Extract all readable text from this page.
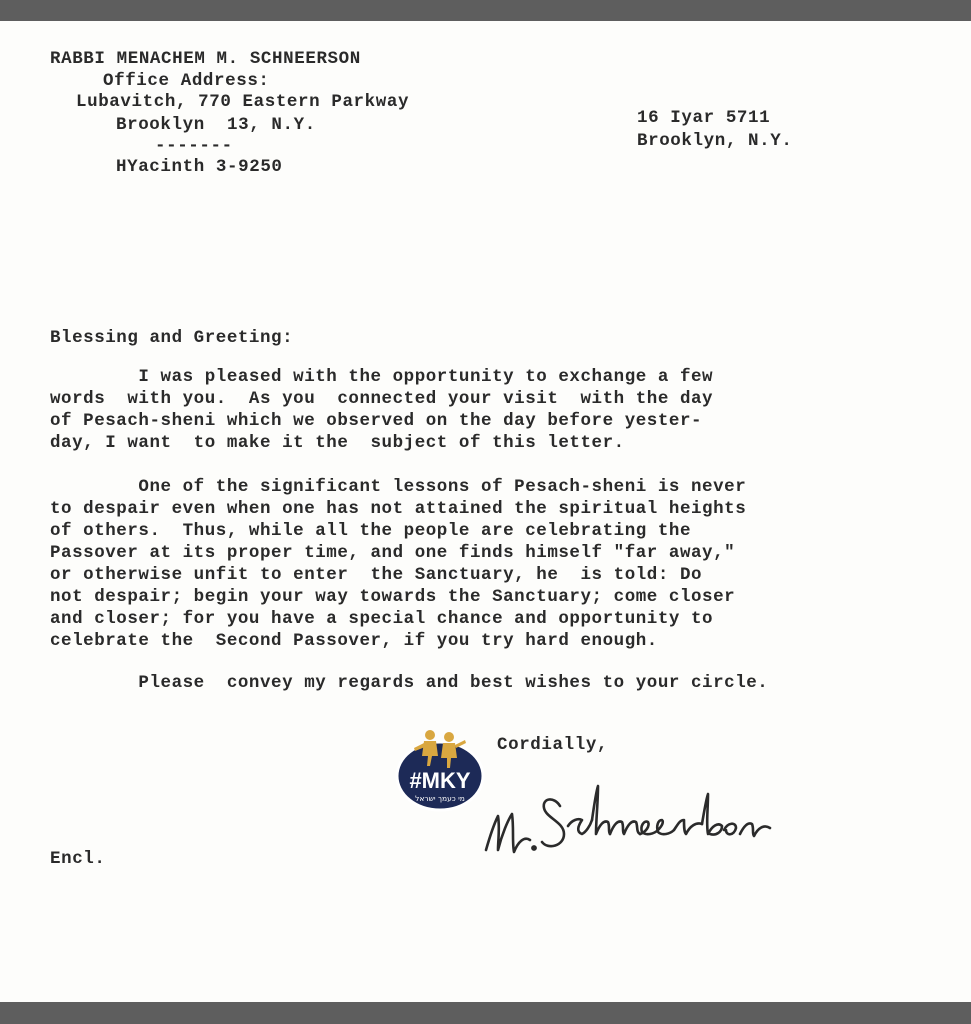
RABBI MENACHEM M. SCHNEERSON
Office Address:
Lubavitch, 770 Eastern Parkway
Brooklyn  13, N.Y.
-------
HYacinth 3-9250
16 Iyar 5711
Brooklyn, N.Y.
Blessing and Greeting:
I was pleased with the opportunity to exchange a few
words  with you.  As you  connected your visit  with the day
of Pesach-sheni which we observed on the day before yester-
day, I want  to make it the  subject of this letter.
One of the significant lessons of Pesach-sheni is never
to despair even when one has not attained the spiritual heights
of others.  Thus, while all the people are celebrating the
Passover at its proper time, and one finds himself "far away,"
or otherwise unfit to enter  the Sanctuary, he  is told: Do
not despair; begin your way towards the Sanctuary; come closer
and closer; for you have a special chance and opportunity to
celebrate the  Second Passover, if you try hard enough.
Please  convey my regards and best wishes to your circle.
Cordially,
#MKY
מי כעמך ישראל
Encl.
